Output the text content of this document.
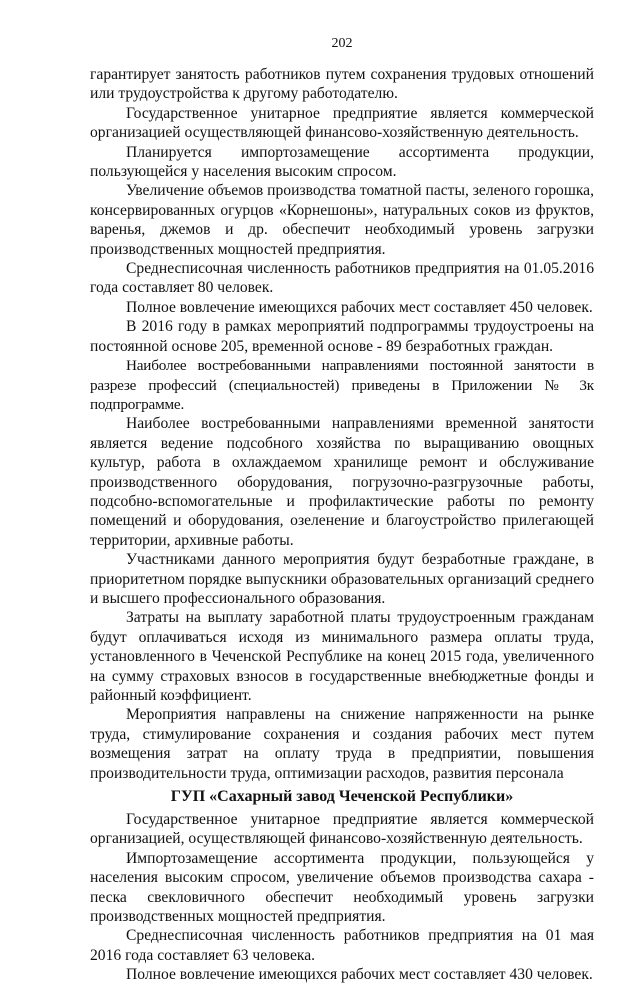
202

гарантирует занятость работников путем сохранения трудовых отношений или трудоустройства к другому работодателю.

Государственное унитарное предприятие является коммерческой организацией осуществляющей финансово-хозяйственную деятельность.

Планируется импортозамещение ассортимента продукции, пользующейся у населения высоким спросом.

Увеличение объемов производства томатной пасты, зеленого горошка, консервированных огурцов «Корнешоны», натуральных соков из фруктов, варенья, джемов и др. обеспечит необходимый уровень загрузки производственных мощностей предприятия.

Среднесписочная численность работников предприятия на 01.05.2016 года составляет 80 человек.

Полное вовлечение имеющихся рабочих мест составляет 450 человек.

В 2016 году в рамках мероприятий подпрограммы трудоустроены на постоянной основе 205, временной основе - 89 безработных граждан.

Наиболее востребованными направлениями постоянной занятости в разрезе профессий (специальностей) приведены в Приложении № 3к подпрограмме.

Наиболее востребованными направлениями временной занятости является ведение подсобного хозяйства по выращиванию овощных культур, работа в охлаждаемом хранилище ремонт и обслуживание производственного оборудования, погрузочно-разгрузочные работы, подсобно-вспомогательные и профилактические работы по ремонту помещений и оборудования, озеленение и благоустройство прилегающей территории, архивные работы.

Участниками данного мероприятия будут безработные граждане, в приоритетном порядке выпускники образовательных организаций среднего и высшего профессионального образования.

Затраты на выплату заработной платы трудоустроенным гражданам будут оплачиваться исходя из минимального размера оплаты труда, установленного в Чеченской Республике на конец 2015 года, увеличенного на сумму страховых взносов в государственные внебюджетные фонды и районный коэффициент.

Мероприятия направлены на снижение напряженности на рынке труда, стимулирование сохранения и создания рабочих мест путем возмещения затрат на оплату труда в предприятии, повышения производительности труда, оптимизации расходов, развития персонала

ГУП «Сахарный завод Чеченской Республики»

Государственное унитарное предприятие является коммерческой организацией, осуществляющей финансово-хозяйственную деятельность.

Импортозамещение ассортимента продукции, пользующейся у населения высоким спросом, увеличение объемов производства сахара - песка свекловичного обеспечит необходимый уровень загрузки производственных мощностей предприятия.

Среднесписочная численность работников предприятия на 01 мая 2016 года составляет 63 человека.

Полное вовлечение имеющихся рабочих мест составляет 430 человек.
